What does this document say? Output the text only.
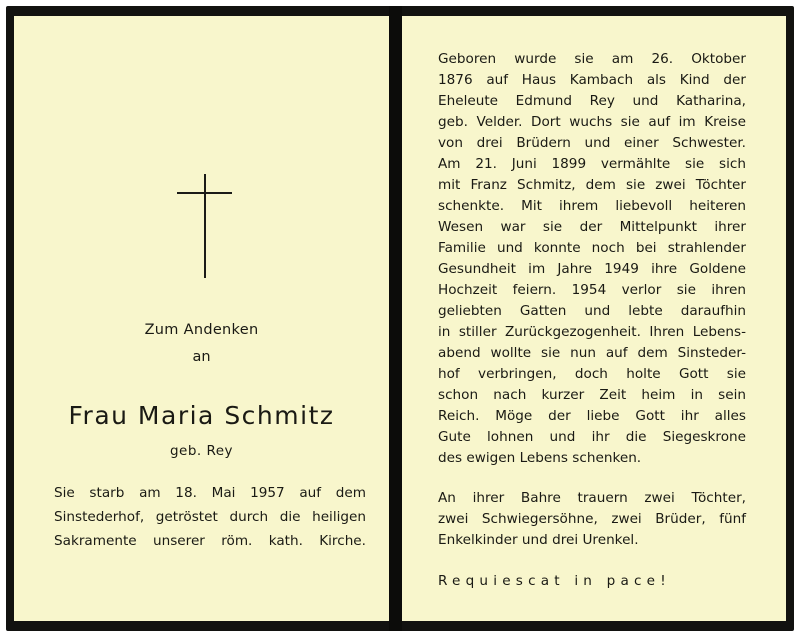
Zum Andenken
an
Frau Maria Schmitz
geb. Rey
Sie starb am 18. Mai 1957 auf dem
Sinstederhof, getröstet durch die heiligen
Sakramente unserer röm. kath. Kirche.
Geboren wurde sie am 26. Oktober
1876 auf Haus Kambach als Kind der
Eheleute Edmund Rey und Katharina,
geb. Velder. Dort wuchs sie auf im Kreise
von drei Brüdern und einer Schwester.
Am 21. Juni 1899 vermählte sie sich
mit Franz Schmitz, dem sie zwei Töchter
schenkte. Mit ihrem liebevoll heiteren
Wesen war sie der Mittelpunkt ihrer
Familie und konnte noch bei strahlender
Gesundheit im Jahre 1949 ihre Goldene
Hochzeit feiern. 1954 verlor sie ihren
geliebten Gatten und lebte daraufhin
in stiller Zurückgezogenheit. Ihren Lebens-
abend wollte sie nun auf dem Sinsteder-
hof verbringen, doch holte Gott sie
schon nach kurzer Zeit heim in sein
Reich. Möge der liebe Gott ihr alles
Gute lohnen und ihr die Siegeskrone
des ewigen Lebens schenken.
An ihrer Bahre trauern zwei Töchter,
zwei Schwiegersöhne, zwei Brüder, fünf
Enkelkinder und drei Urenkel.
Requiescat in pace!
